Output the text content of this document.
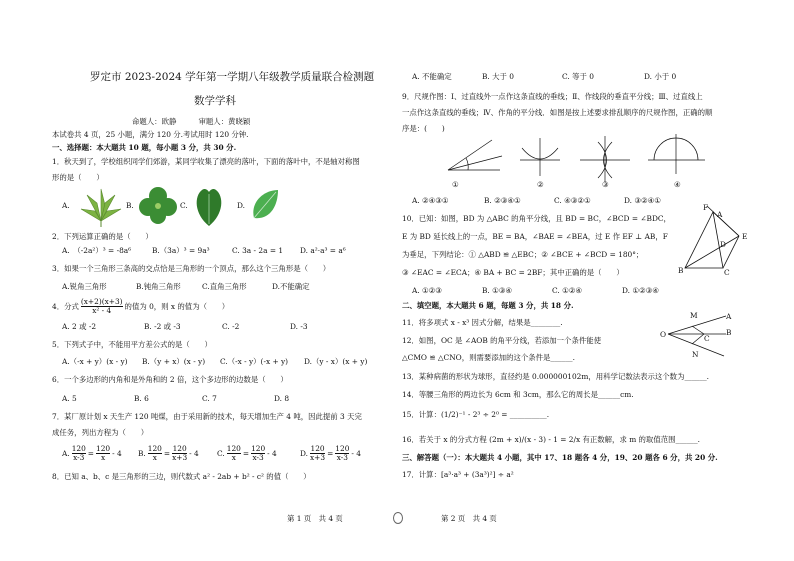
罗定市 2023-2024 学年第一学期八年级教学质量联合检测题
数学学科
命题人：欧静　　　审题人：黄晓颖
本试卷共 4 页，25 小题，满分 120 分.考试用时 120 分钟.
一、选择题：本大题共 10 题，每小题 3 分，共 30 分.
1．秋天到了，学校组织同学们郊游，某同学收集了漂亮的落叶，下面的落叶中，不是轴对称图
形的是（　　）
A.	B.	C.	D.
2．下列运算正确的是（　　）
A.　（-2a²）³ = -8a⁶	B.（3a）³ = 9a³	C. 3a - 2a = 1 D. a²·a³ = a⁶
3．如果一个三角形三条高的交点恰是三角形的一个顶点，那么这个三角形是（　　）
A.锐角三角形	B.钝角三角形	C.直角三角形	D.不能确定
4．分式 $\frac{(x+2)(x+3)}{\text{x² - 4}}$ 的值为 0，则 x 的值为（　　）
A. 2 或 -2	B. -2 或 -3	C. -2	D. -3
5．下列式子中，不能用平方差公式的是（　　）
A.（-x + y）(x - y) B.（y + x）(x - y) C.（-x - y）(-x + y) D.（y - x）(x + y)
6．一个多边形的内角和是外角和的 2 倍，这个多边形的边数是（　　）
A. 5	B. 6	C. 7	D. 8
7．某厂原计划 x 天生产 120 吨煤，由于采用新的技术，每天增加生产 4 吨，因此提前 3 天完
成任务，列出方程为（　　）
A. $\frac{120}{x-3} = \frac{120}{x} - 4$ B. $\frac{120}{x} = \frac{120}{x+3} - 4$ C. $\frac{120}{x} = \frac{120}{x-3} - 4$	D. $\frac{120}{x+3} = \frac{120}{x-3} - 4$
8．已知 a、b、c 是三角形的三边，则代数式 a² - 2ab + b² - c² 的值（　　）
A. 不能确定	B. 大于 0	C. 等于 0	D. 小于 0
9．尺规作图：Ⅰ、过直线外一点作这条直线的垂线；Ⅱ、作线段的垂直平分线；Ⅲ、过直线上
一点作这条直线的垂线；Ⅳ、作角的平分线．如图是按上述要求排乱顺序的尺规作图，正确的顺
序是：(　　)
①	②	③	④
A. ②④③①	B. ②③④①	C. ④③②①	D. ③②④①
10．已知：如图，BD 为 △ABC 的角平分线，且 BD = BC，∠BCD = ∠BDC，
E 为 BD 延长线上的一点，BE = BA，∠BAE = ∠BEA，过 E 作 EF ⊥ AB，F
为垂足，下列结论：① △ABD ≌ △EBC；② ∠BCE + ∠BCD = 180°；
③ ∠EAC = ∠ECA；④ BA + BC = 2BF；其中正确的是（　　）
A. ①②③	B. ①③④	C. ①②④	D. ①②③④
F
A
D
E
B	C
二、填空题，本大题共 6 题，每题 3 分，共 18 分.
11．将多项式 x - x³ 因式分解，结果是________.
12．如图，OC 是 ∠AOB 的角平分线，若添加一个条件能使
△CMO ≌ △CNO，则需要添加的这个条件是______.
M	A
O	C
B
N
13．某种病菌的形状为球形，直径约是 0.000000102m，用科学记数法表示这个数为______.
14．等腰三角形的两边长为 6cm 和 3cm，那么它的周长是______cm.
15．计算：(1/2)⁻¹ - 2³ ÷ 2⁰ = __________.
16．若关于 x 的分式方程 (2m + x)/(x - 3) - 1 = 2/x 有正数解，求 m 的取值范围______.
三、解答题（一）：本大题共 4 小题，其中 17、18 题各 4 分，19、20 题各 6 分，共 20 分.
17．计算：[a³·a³ + (3a³)²] ÷ a²
第 1 页　共 4 页	第 2 页　共 4 页
